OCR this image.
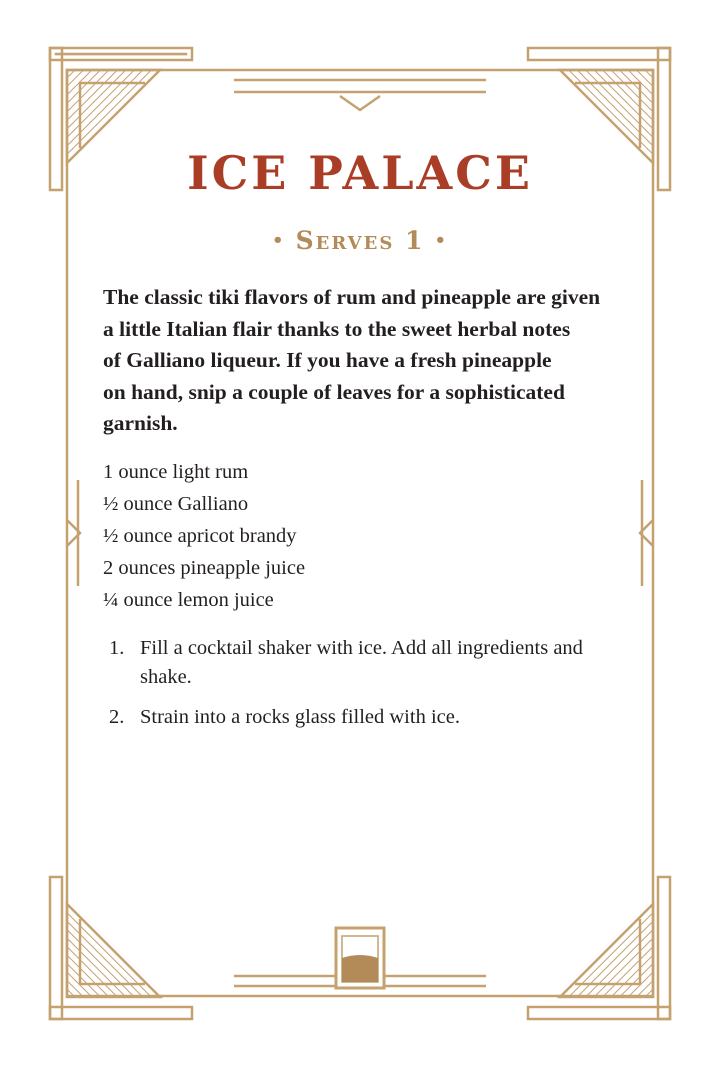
ICE PALACE
• Serves 1 •

The classic tiki flavors of rum and pineapple are given
a little Italian flair thanks to the sweet herbal notes
of Galliano liqueur. If you have a fresh pineapple
on hand, snip a couple of leaves for a sophisticated
garnish.

1 ounce light rum
½ ounce Galliano
½ ounce apricot brandy
2 ounces pineapple juice
¼ ounce lemon juice
1. Fill a cocktail shaker with ice. Add all ingredients and shake.
2. Strain into a rocks glass filled with ice.
